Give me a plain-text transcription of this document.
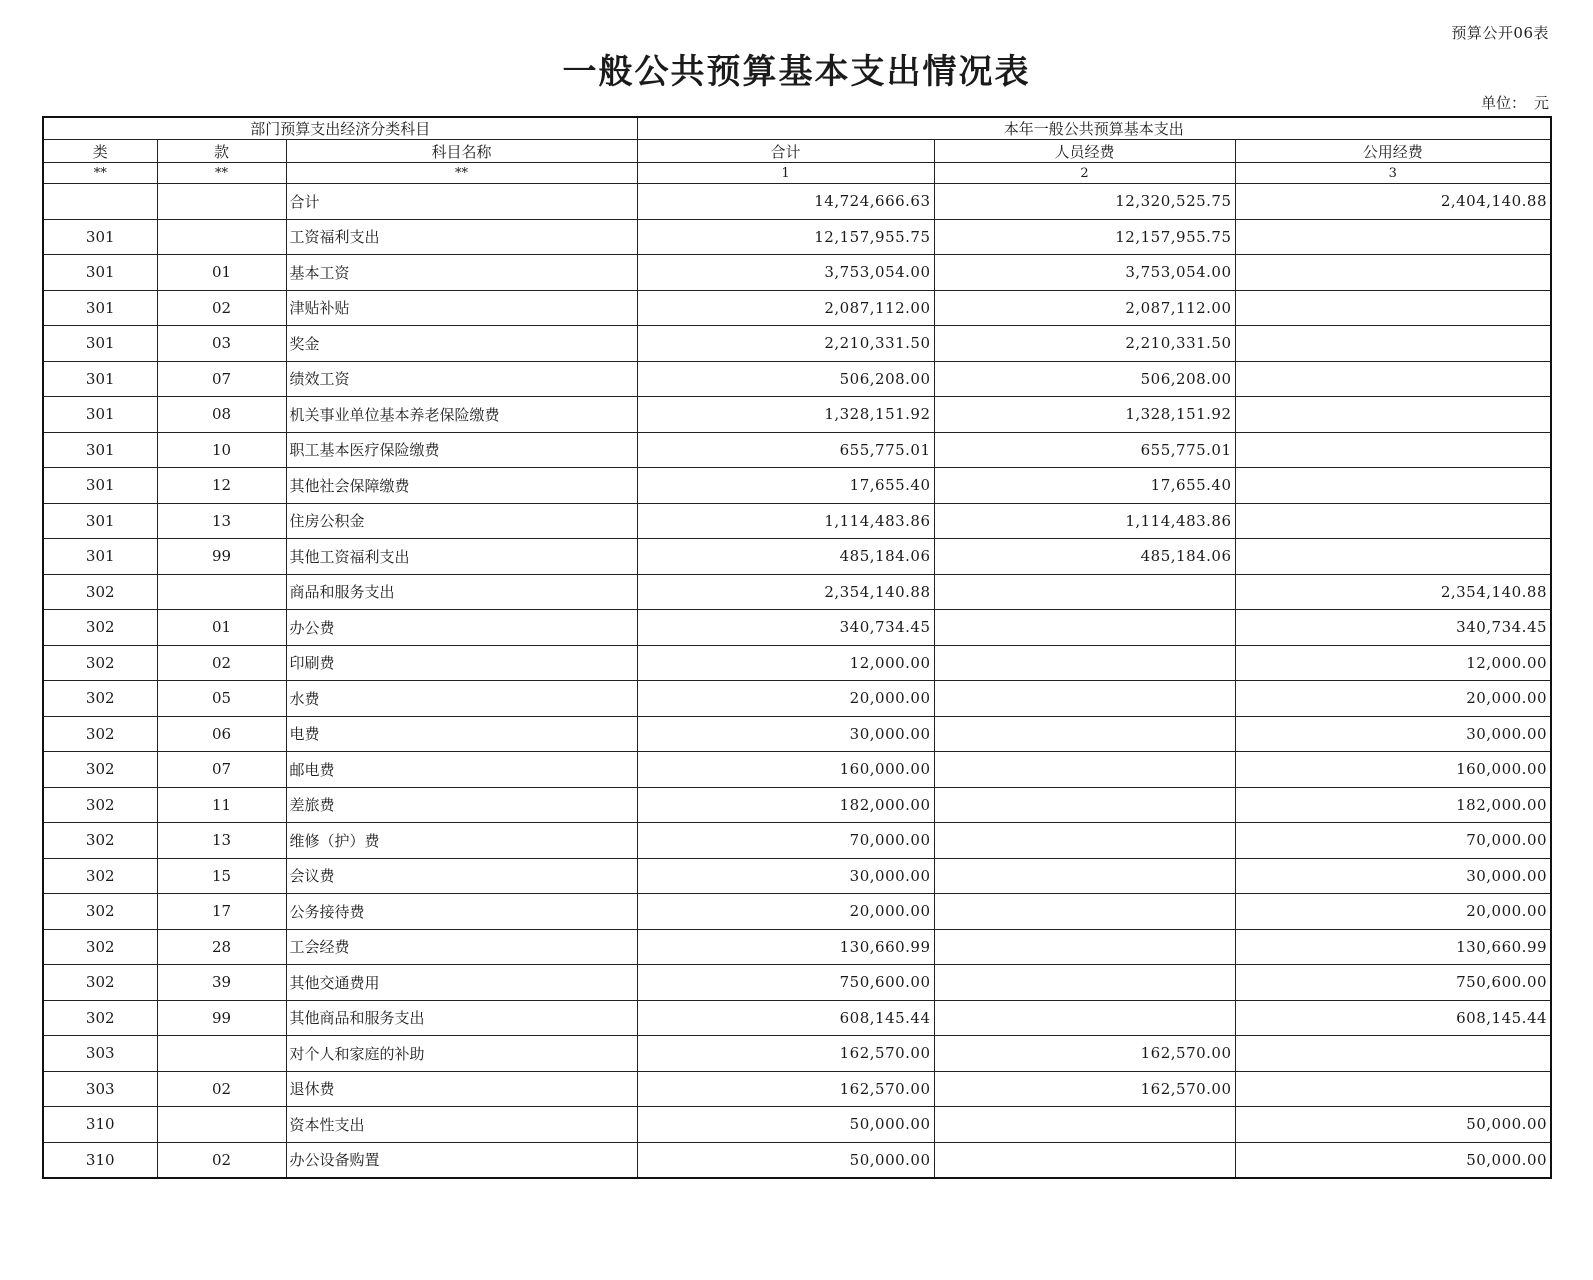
预算公开06表
一般公共预算基本支出情况表
单位： 元
部门预算支出经济分类科目			本年一般公共预算基本支出		
类	款	科目名称	合计	人员经费	公用经费
**	**	**	1	2	3
		合计	14,724,666.63	12,320,525.75	2,404,140.88
301		工资福利支出	12,157,955.75	12,157,955.75	
301	01	基本工资	3,753,054.00	3,753,054.00	
301	02	津贴补贴	2,087,112.00	2,087,112.00	
301	03	奖金	2,210,331.50	2,210,331.50	
301	07	绩效工资	506,208.00	506,208.00	
301	08	机关事业单位基本养老保险缴费	1,328,151.92	1,328,151.92	
301	10	职工基本医疗保险缴费	655,775.01	655,775.01	
301	12	其他社会保障缴费	17,655.40	17,655.40	
301	13	住房公积金	1,114,483.86	1,114,483.86	
301	99	其他工资福利支出	485,184.06	485,184.06	
302		商品和服务支出	2,354,140.88		2,354,140.88
302	01	办公费	340,734.45		340,734.45
302	02	印刷费	12,000.00		12,000.00
302	05	水费	20,000.00		20,000.00
302	06	电费	30,000.00		30,000.00
302	07	邮电费	160,000.00		160,000.00
302	11	差旅费	182,000.00		182,000.00
302	13	维修（护）费	70,000.00		70,000.00
302	15	会议费	30,000.00		30,000.00
302	17	公务接待费	20,000.00		20,000.00
302	28	工会经费	130,660.99		130,660.99
302	39	其他交通费用	750,600.00		750,600.00
302	99	其他商品和服务支出	608,145.44		608,145.44
303		对个人和家庭的补助	162,570.00	162,570.00	
303	02	退休费	162,570.00	162,570.00	
310		资本性支出	50,000.00		50,000.00
310	02	办公设备购置	50,000.00		50,000.00
